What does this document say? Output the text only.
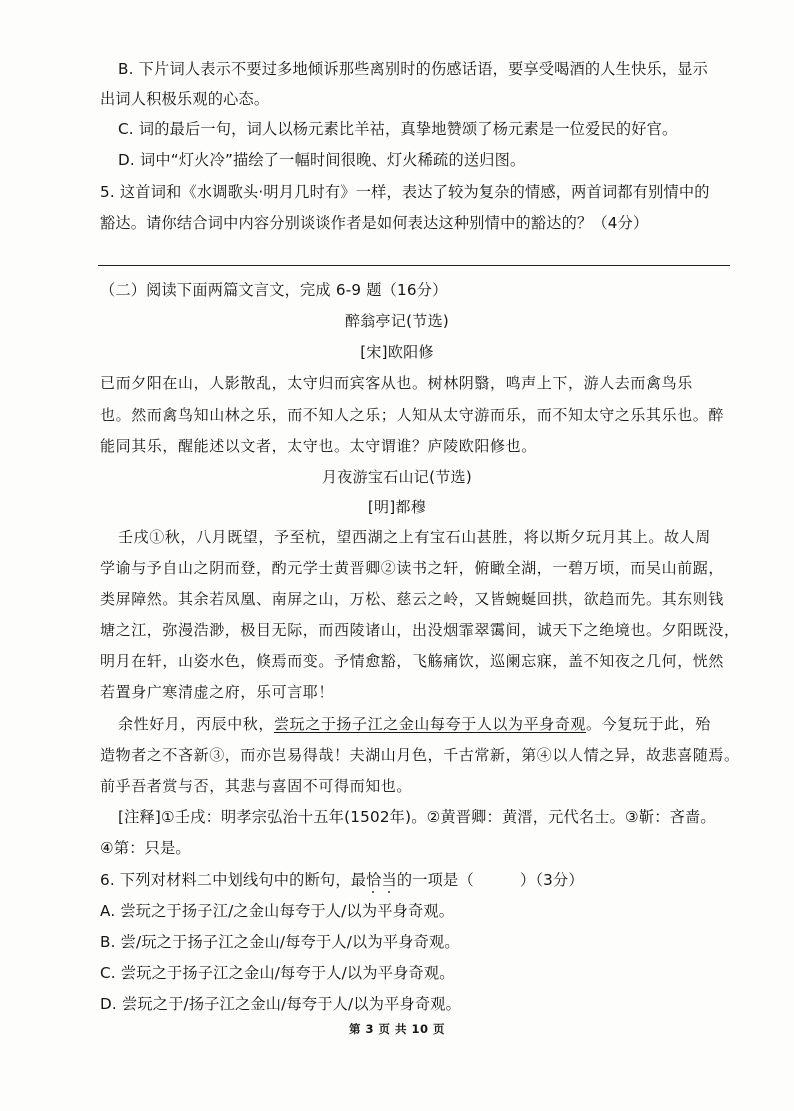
B. 下片词人表示不要过多地倾诉那些离别时的伤感话语，要享受喝酒的人生快乐，显示
出词人积极乐观的心态。
C. 词的最后一句，词人以杨元素比羊祜，真挚地赞颂了杨元素是一位爱民的好官。
D. 词中“灯火冷”描绘了一幅时间很晚、灯火稀疏的送归图。
5. 这首词和《水调歌头·明月几时有》一样，表达了较为复杂的情感，两首词都有别情中的
豁达。请你结合词中内容分别谈谈作者是如何表达这种别情中的豁达的？（4分）
（二）阅读下面两篇文言文，完成 6-9 题（16分）
醉翁亭记(节选)
[宋]欧阳修
已而夕阳在山，人影散乱，太守归而宾客从也。树林阴翳，鸣声上下，游人去而禽鸟乐
也。然而禽鸟知山林之乐，而不知人之乐；人知从太守游而乐，而不知太守之乐其乐也。醉
能同其乐，醒能述以文者，太守也。太守谓谁？庐陵欧阳修也。
月夜游宝石山记(节选)
[明]都穆
壬戌①秋，八月既望，予至杭，望西湖之上有宝石山甚胜，将以斯夕玩月其上。故人周
学谕与予自山之阴而登，酌元学士黄晋卿②读书之轩，俯瞰全湖，一碧万顷，而吴山前踞，
类屏障然。其余若凤凰、南屏之山，万松、慈云之岭，又皆蜿蜒回拱，欲趋而先。其东则钱
塘之江，弥漫浩渺，极目无际，而西陵诸山，出没烟霏翠霭间，诚天下之绝境也。夕阳既没，
明月在轩，山姿水色，倏焉而变。予情愈豁，飞觞痛饮，巡阑忘寐，盖不知夜之几何，恍然
若置身广寒清虚之府，乐可言耶！
余性好月，丙辰中秋，尝玩之于扬子江之金山每夸于人以为平身奇观。今复玩于此，殆
造物者之不吝新③，而亦岂易得哉！夫湖山月色，千古常新，第④以人情之异，故悲喜随焉。
前乎吾者赏与否，其悲与喜固不可得而知也。
[注释]①壬戌：明孝宗弘治十五年(1502年)。②黄晋卿：黄溍，元代名士。③靳：吝啬。
④第：只是。
6. 下列对材料二中划线句中的断句，最恰当的一项是（　　　）（3分）
A. 尝玩之于扬子江/之金山每夸于人/以为平身奇观。
B. 尝/玩之于扬子江之金山/每夸于人/以为平身奇观。
C. 尝玩之于扬子江之金山/每夸于人/以为平身奇观。
D. 尝玩之于/扬子江之金山/每夸于人/以为平身奇观。
第 3 页 共 10 页
